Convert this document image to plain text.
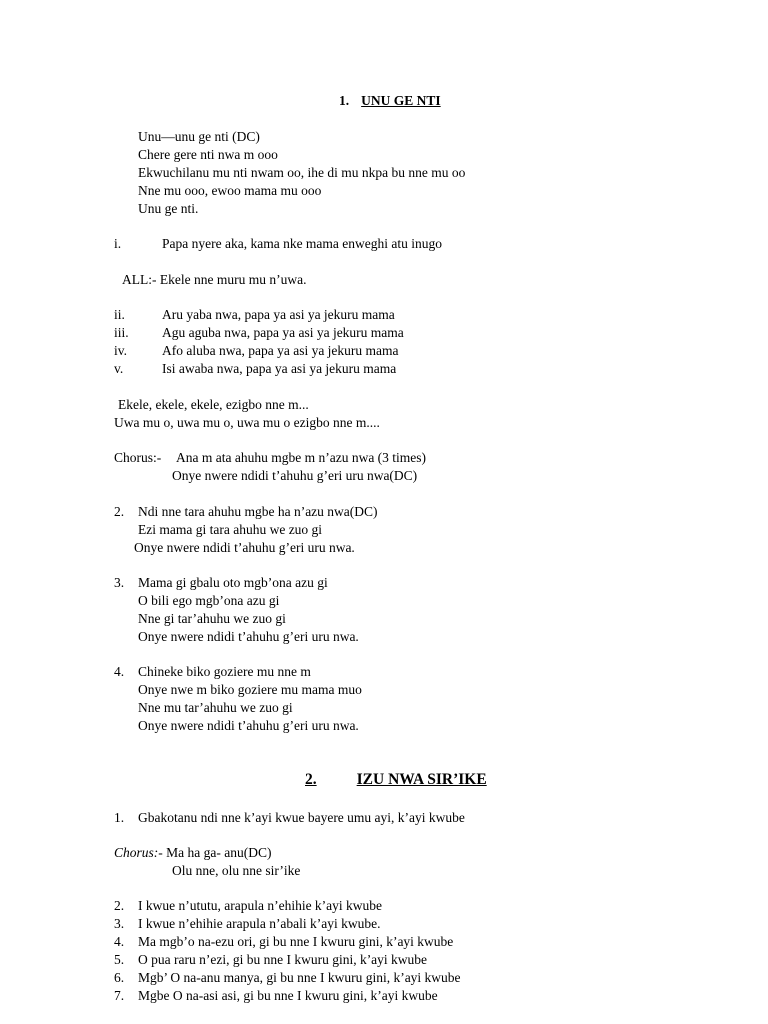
1. UNU GE NTI
Unu—unu ge nti (DC)
Chere gere nti nwa m ooo
Ekwuchilanu mu nti nwam oo, ihe di mu nkpa bu nne mu oo
Nne mu ooo, ewoo mama mu ooo
Unu ge nti.
i.	Papa nyere aka, kama nke mama enweghi atu inugo
ALL:- Ekele nne muru mu n’uwa.
ii.	Aru yaba nwa, papa ya asi ya jekuru mama
iii. Agu aguba nwa, papa ya asi ya jekuru mama
iv.	Afo aluba nwa, papa ya asi ya jekuru mama
v.	Isi awaba nwa, papa ya asi ya jekuru mama
Ekele, ekele, ekele, ezigbo nne m...
Uwa mu o, uwa mu o, uwa mu o ezigbo nne m....
Chorus:- Ana m ata ahuhu mgbe m n’azu nwa (3 times)
Onye nwere ndidi t’ahuhu g’eri uru nwa(DC)
2. Ndi nne tara ahuhu mgbe ha n’azu nwa(DC)
Ezi mama gi tara ahuhu we zuo gi
Onye nwere ndidi t’ahuhu g’eri uru nwa.
3. Mama gi gbalu oto mgb’ona azu gi
O bili ego mgb’ona azu gi
Nne gi tar’ahuhu we zuo gi
Onye nwere ndidi t’ahuhu g’eri uru nwa.
4. Chineke biko goziere mu nne m
Onye nwe m biko goziere mu mama muo
Nne mu tar’ahuhu we zuo gi
Onye nwere ndidi t’ahuhu g’eri uru nwa.
2.	IZU NWA SIR’IKE
1. Gbakotanu ndi nne k’ayi kwue bayere umu ayi, k’ayi kwube
Chorus:- Ma ha ga- anu(DC)
Olu nne, olu nne sir’ike
2. I kwue n’ututu, arapula n’ehihie k’ayi kwube
3. I kwue n’ehihie arapula n’abali k’ayi kwube.
4. Ma mgb’o na-ezu ori, gi bu nne I kwuru gini, k’ayi kwube
5. O pua raru n’ezi, gi bu nne I kwuru gini, k’ayi kwube
6. Mgb’ O na-anu manya, gi bu nne I kwuru gini, k’ayi kwube
7. Mgbe O na-asi asi, gi bu nne I kwuru gini, k’ayi kwube
